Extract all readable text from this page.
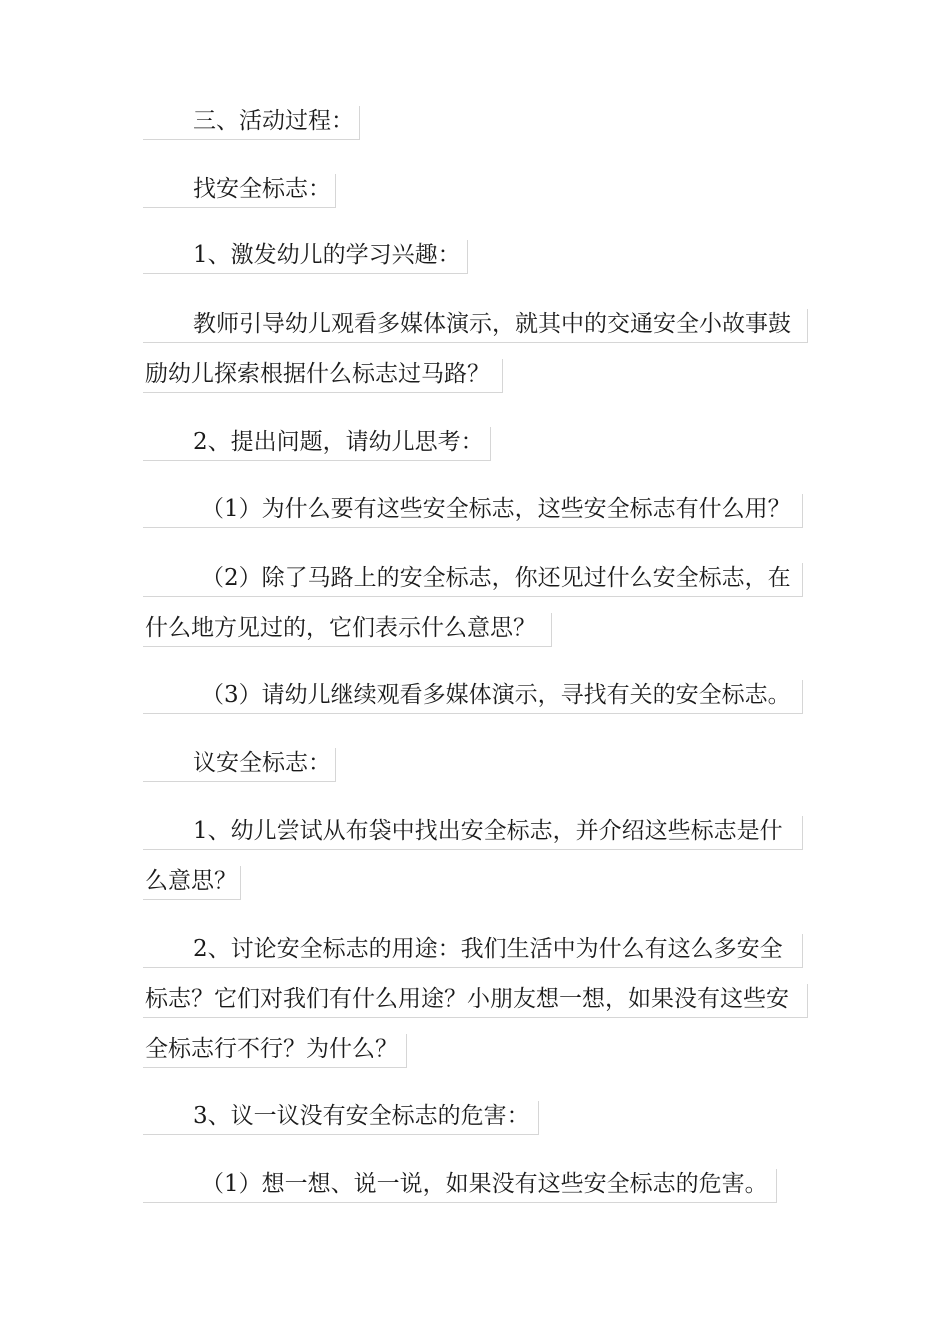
三、活动过程：
找安全标志：
1、激发幼儿的学习兴趣：
教师引导幼儿观看多媒体演示，就其中的交通安全小故事鼓
励幼儿探索根据什么标志过马路？
2、提出问题，请幼儿思考：
（1）为什么要有这些安全标志，这些安全标志有什么用？
（2）除了马路上的安全标志，你还见过什么安全标志，在
什么地方见过的，它们表示什么意思？
（3）请幼儿继续观看多媒体演示，寻找有关的安全标志。
议安全标志：
1、幼儿尝试从布袋中找出安全标志，并介绍这些标志是什
么意思？
2、讨论安全标志的用途：我们生活中为什么有这么多安全
标志？它们对我们有什么用途？小朋友想一想，如果没有这些安
全标志行不行？为什么？
3、议一议没有安全标志的危害：
（1）想一想、说一说，如果没有这些安全标志的危害。
